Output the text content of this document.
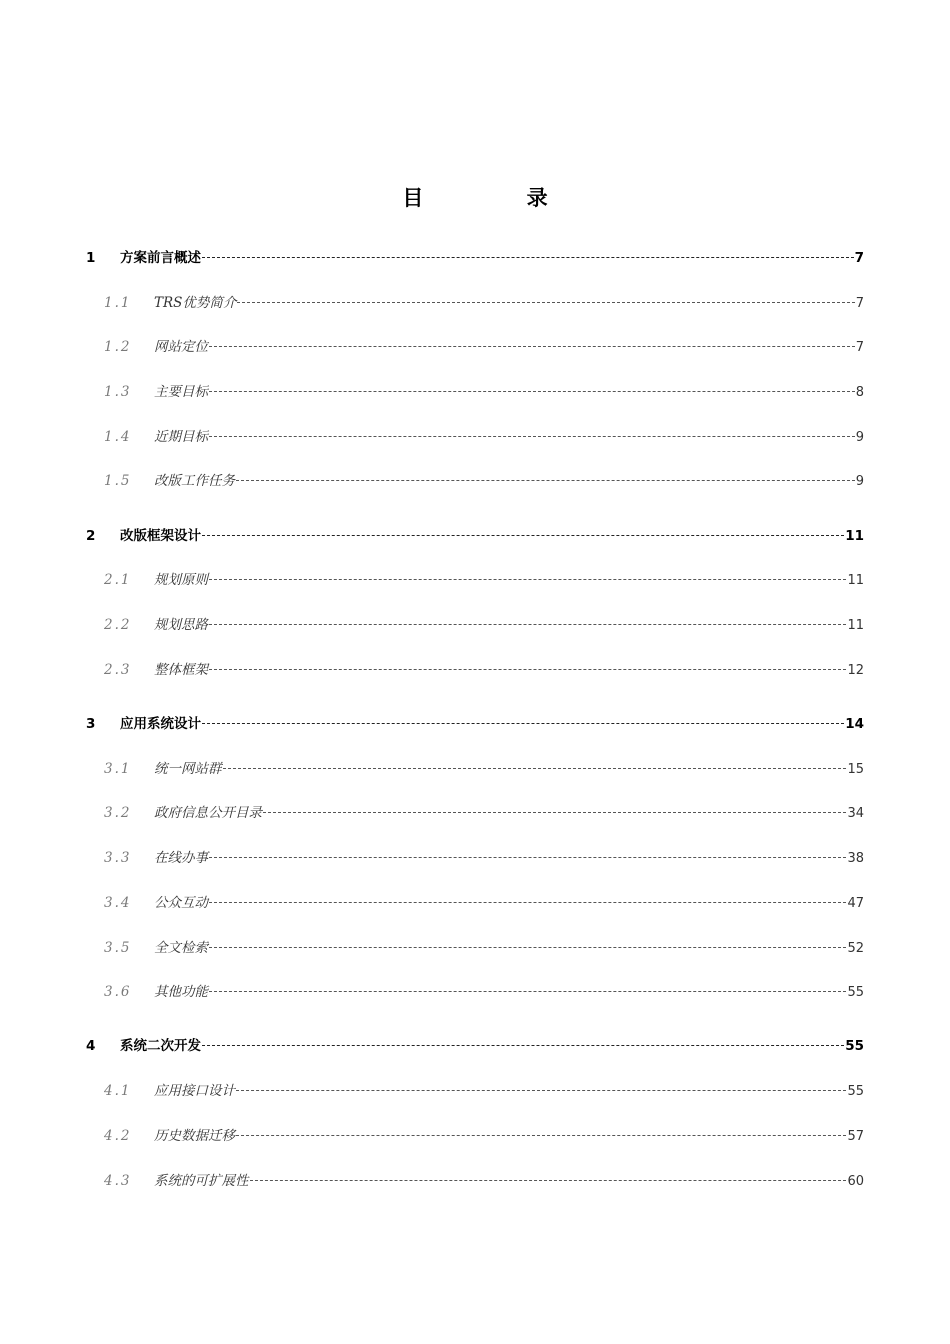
目 录
1	方案前言概述	7
1.1	TRS优势简介	7
1.2	网站定位	7
1.3	主要目标	8
1.4	近期目标	9
1.5	改版工作任务	9
2	改版框架设计	11
2.1	规划原则	11
2.2	规划思路	11
2.3	整体框架	12
3	应用系统设计	14
3.1	统一网站群	15
3.2	政府信息公开目录	34
3.3	在线办事	38
3.4	公众互动	47
3.5	全文检索	52
3.6	其他功能	55
4	系统二次开发	55
4.1	应用接口设计	55
4.2	历史数据迁移	57
4.3	系统的可扩展性	60
